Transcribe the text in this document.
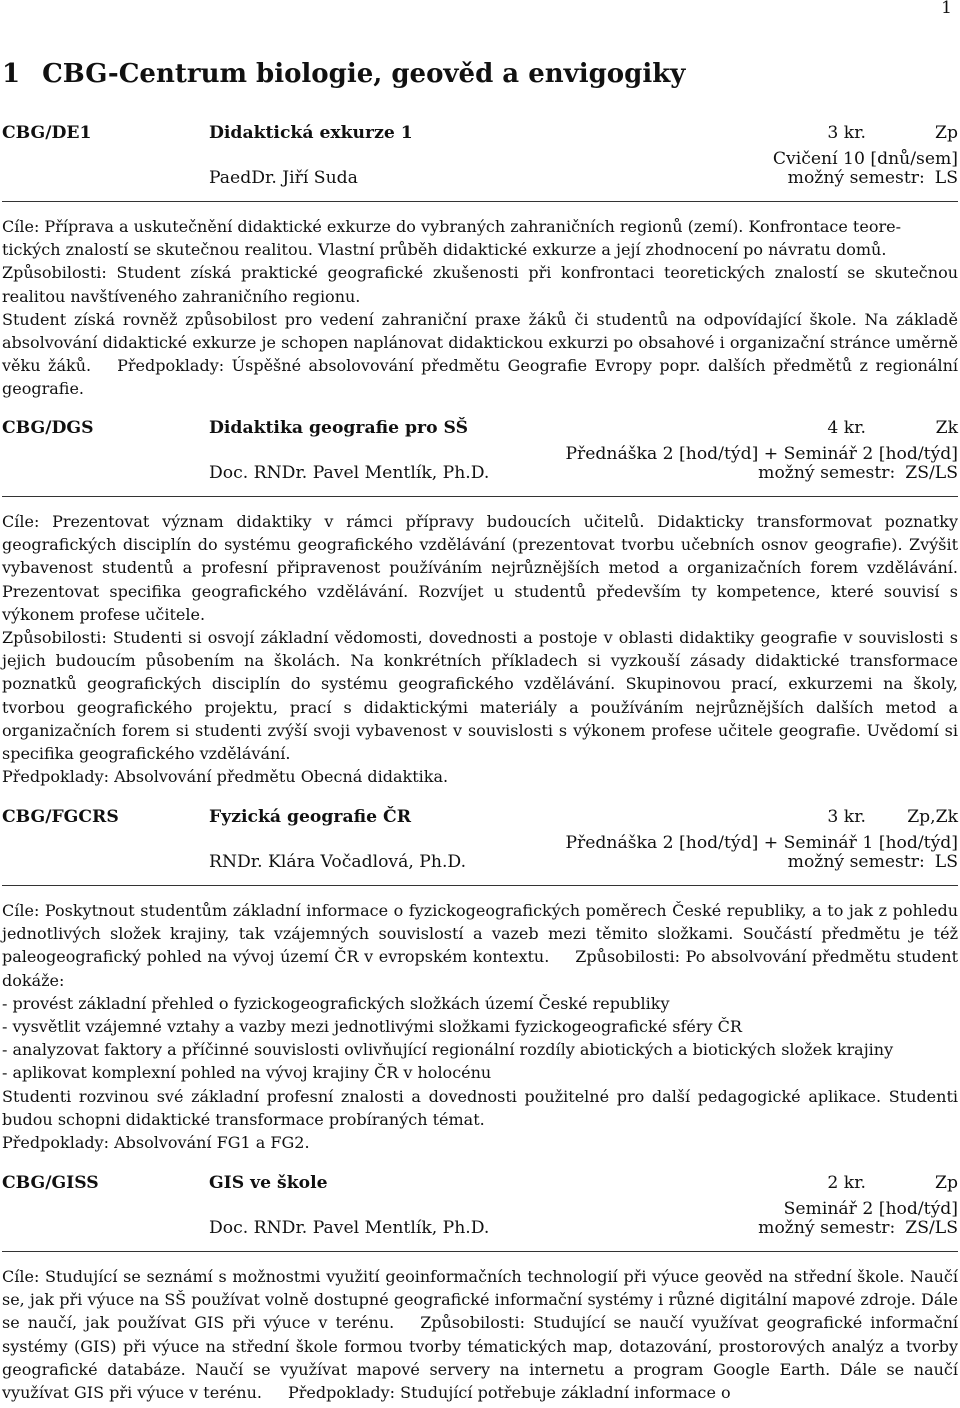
1
1 CBG-Centrum biologie, geověd a envigogiky
CBG/DE1	Didaktická exkurze 1	3 kr.	Zp
Cvičení 10 [dnů/sem]
PaedDr. Jiří Suda	možný semestr: LS

Cíle: Příprava a uskutečnění didaktické exkurze do vybraných zahraničních regionů (zemí). Konfrontace teore-
tických znalostí se skutečnou realitou. Vlastní průběh didaktické exkurze a její zhodnocení po návratu domů.

Způsobilosti: Student získá praktické geografické zkušenosti při konfrontaci teoretických znalostí se skutečnou realitou navštíveného zahraničního regionu.

Student získá rovněž způsobilost pro vedení zahraniční praxe žáků či studentů na odpovídající škole. Na základě absolvování didaktické exkurze je schopen naplánovat didaktickou exkurzi po obsahové i organizační stránce uměrně věku žáků. Předpoklady: Úspěšné absolovování předmětu Geografie Evropy popr. dalších předmětů z regionální geografie.

CBG/DGS	Didaktika geografie pro SŠ	4 kr.	Zk
Přednáška 2 [hod/týd] + Seminář 2 [hod/týd]
Doc. RNDr. Pavel Mentlík, Ph.D.	možný semestr: ZS/LS

Cíle: Prezentovat význam didaktiky v rámci přípravy budoucích učitelů. Didakticky transformovat poznatky geografických disciplín do systému geografického vzdělávání (prezentovat tvorbu učebních osnov geografie). Zvýšit vybavenost studentů a profesní připravenost používáním nejrůznějších metod a organizačních forem vzdělávání. Prezentovat specifika geografického vzdělávání. Rozvíjet u studentů především ty kompetence, které souvisí s výkonem profese učitele.

Způsobilosti: Studenti si osvojí základní vědomosti, dovednosti a postoje v oblasti didaktiky geografie v souvislosti s jejich budoucím působením na školách. Na konkrétních příkladech si vyzkouší zásady didaktické transformace poznatků geografických disciplín do systému geografického vzdělávání. Skupinovou prací, exkurzemi na školy, tvorbou geografického projektu, prací s didaktickými materiály a používáním nejrůznějších dalších metod a organizačních forem si studenti zvýší svoji vybavenost v souvislosti s výkonem profese učitele geografie. Uvědomí si specifika geografického vzdělávání.

Předpoklady: Absolvování předmětu Obecná didaktika.

CBG/FGCRS	Fyzická geografie ČR	3 kr. Zp,Zk
Přednáška 2 [hod/týd] + Seminář 1 [hod/týd]
RNDr. Klára Vočadlová, Ph.D.	možný semestr: LS

Cíle: Poskytnout studentům základní informace o fyzickogeografických poměrech České republiky, a to jak z pohledu jednotlivých složek krajiny, tak vzájemných souvislostí a vazeb mezi těmito složkami. Součástí předmětu je též paleogeografický pohled na vývoj území ČR v evropském kontextu. Způsobilosti: Po absolvování předmětu student dokáže:

- provést základní přehled o fyzickogeografických složkách území České republiky

- vysvětlit vzájemné vztahy a vazby mezi jednotlivými složkami fyzickogeografické sféry ČR

- analyzovat faktory a příčinné souvislosti ovlivňující regionální rozdíly abiotických a biotických složek krajiny

- aplikovat komplexní pohled na vývoj krajiny ČR v holocénu

Studenti rozvinou své základní profesní znalosti a dovednosti použitelné pro další pedagogické aplikace. Studenti budou schopni didaktické transformace probíraných témat.

Předpoklady: Absolvování FG1 a FG2.

CBG/GISS	GIS ve škole	2 kr.	Zp
Seminář 2 [hod/týd]
Doc. RNDr. Pavel Mentlík, Ph.D.	možný semestr: ZS/LS

Cíle: Studující se seznámí s možnostmi využití geoinformačních technologií při výuce geověd na střední škole. Naučí se, jak při výuce na SŠ používat volně dostupné geografické informační systémy i různé digitální mapové zdroje. Dále se naučí, jak používat GIS při výuce v terénu. Způsobilosti: Studující se naučí využívat geografické informační systémy (GIS) při výuce na střední škole formou tvorby tématických map, dotazování, prostorových analýz a tvorby geografické databáze. Naučí se využívat mapové servery na internetu a program Google Earth. Dále se naučí využívat GIS při výuce v terénu. Předpoklady: Studující potřebuje základní informace o
